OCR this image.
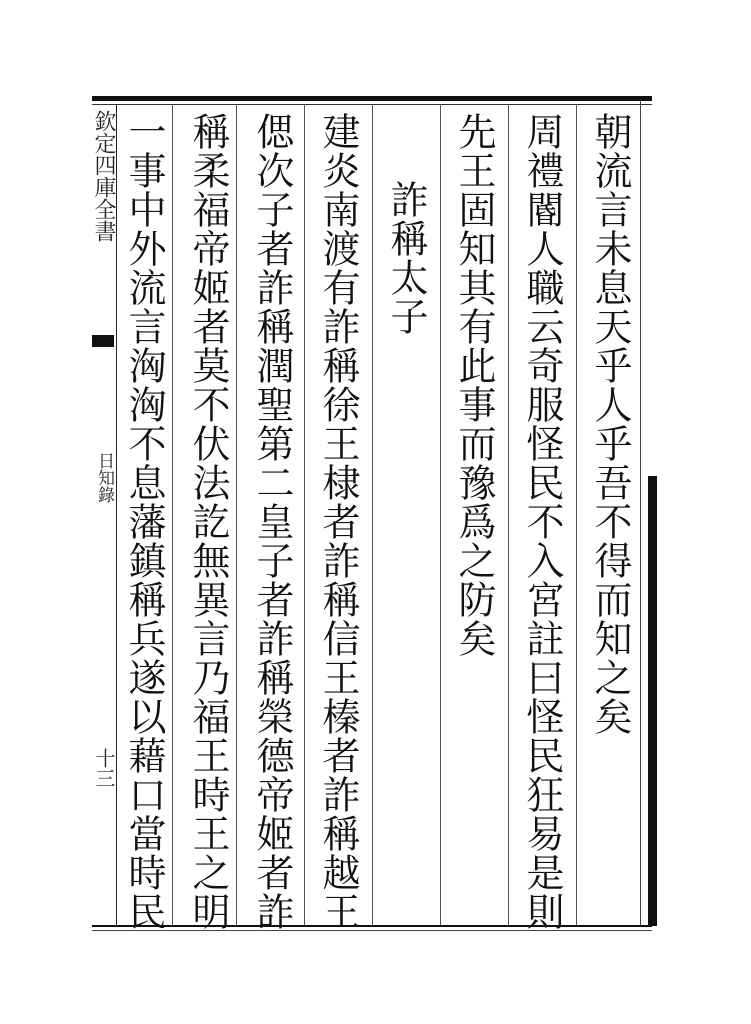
欽定四庫全書
日知錄
十三
朝流言未息天乎人乎吾不得而知之矣
周禮閽人職云奇服怪民不入宮註曰怪民狂易是則
先王固知其有此事而豫爲之防矣
詐稱太子
建炎南渡有詐稱徐王棣者詐稱信王榛者詐稱越王
偲次子者詐稱潤聖第二皇子者詐稱榮德帝姬者詐
稱柔福帝姬者莫不伏法訖無異言乃福王時王之明
一事中外流言洶洶不息藩鎮稱兵遂以藉口當時民
